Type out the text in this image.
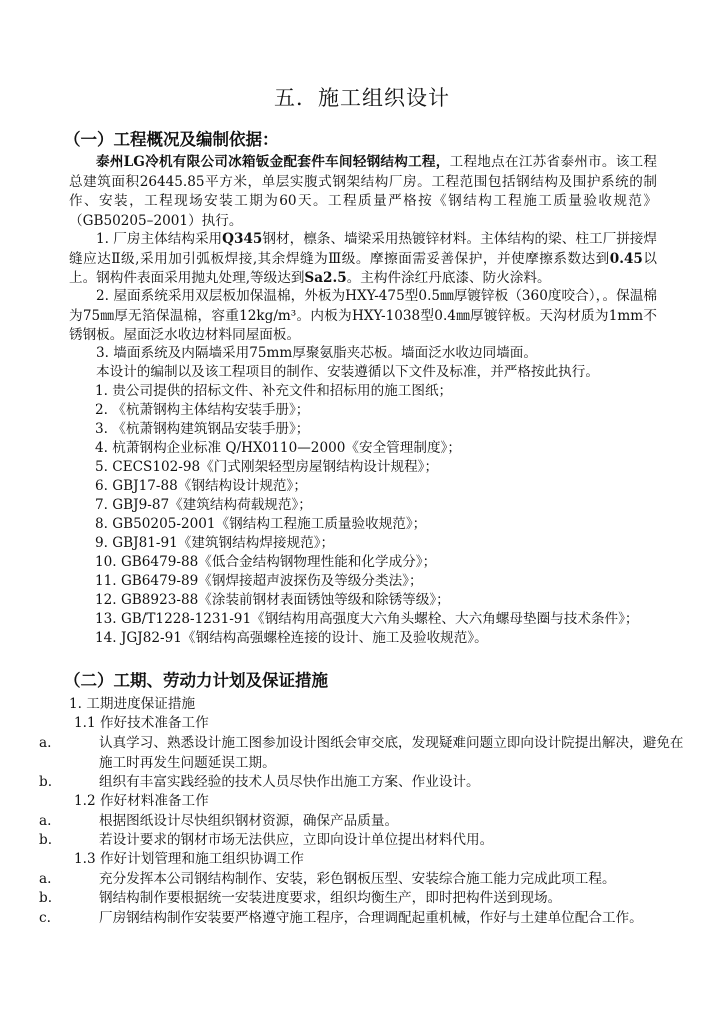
五．施工组织设计
（一）工程概况及编制依据：
泰州LG冷机有限公司冰箱钣金配套件车间轻钢结构工程，工程地点在江苏省泰州市。该工程总建筑面积26445.85平方米，单层实腹式钢架结构厂房。工程范围包括钢结构及围护系统的制作、安装，工程现场安装工期为60天。工程质量严格按《钢结构工程施工质量验收规范》（GB50205–2001）执行。
1. 厂房主体结构采用Q345钢材，檩条、墙梁采用热镀锌材料。主体结构的梁、柱工厂拼接焊缝应达Ⅱ级,采用加引弧板焊接,其余焊缝为Ⅲ级。摩擦面需妥善保护，并使摩擦系数达到0.45以上。钢构件表面采用抛丸处理,等级达到Sa2.5。主构件涂红丹底漆、防火涂料。
2. 屋面系统采用双层板加保温棉，外板为HXY-475型0.5㎜厚镀锌板（360度咬合），。保温棉为75㎜厚无箔保温棉，容重12kg/m³。内板为HXY-1038型0.4㎜厚镀锌板。天沟材质为1mm不锈钢板。屋面泛水收边材料同屋面板。
3. 墙面系统及内隔墙采用75mm厚聚氨脂夹芯板。墙面泛水收边同墙面。
本设计的编制以及该工程项目的制作、安装遵循以下文件及标准，并严格按此执行。
1. 贵公司提供的招标文件、补充文件和招标用的施工图纸；
2. 《杭萧钢构主体结构安装手册》；
3. 《杭萧钢构建筑钢品安装手册》；
4. 杭萧钢构企业标准 Q/HX0110—2000《安全管理制度》；
5. CECS102-98《门式刚架轻型房屋钢结构设计规程》；
6. GBJ17-88《钢结构设计规范》；
7. GBJ9-87《建筑结构荷载规范》；
8. GB50205-2001《钢结构工程施工质量验收规范》；
9. GBJ81-91《建筑钢结构焊接规范》；
10. GB6479-88《低合金结构钢物理性能和化学成分》；
11. GB6479-89《钢焊接超声波探伤及等级分类法》；
12. GB8923-88《涂装前钢材表面锈蚀等级和除锈等级》；
13. GB/T1228-1231-91《钢结构用高强度大六角头螺栓、大六角螺母垫圈与技术条件》；
14. JGJ82-91《钢结构高强螺栓连接的设计、施工及验收规范》。
（二）工期、劳动力计划及保证措施
1. 工期进度保证措施
1.1 作好技术准备工作
a.	认真学习、熟悉设计施工图参加设计图纸会审交底，发现疑难问题立即向设计院提出解决，避免在施工时再发生问题延误工期。
b.	组织有丰富实践经验的技术人员尽快作出施工方案、作业设计。
1.2 作好材料准备工作
a.	根据图纸设计尽快组织钢材资源，确保产品质量。
b.	若设计要求的钢材市场无法供应，立即向设计单位提出材料代用。
1.3 作好计划管理和施工组织协调工作
a.	充分发挥本公司钢结构制作、安装，彩色钢板压型、安装综合施工能力完成此项工程。
b.	钢结构制作要根据统一安装进度要求，组织均衡生产，即时把构件送到现场。
c.	厂房钢结构制作安装要严格遵守施工程序，合理调配起重机械，作好与土建单位配合工作。
